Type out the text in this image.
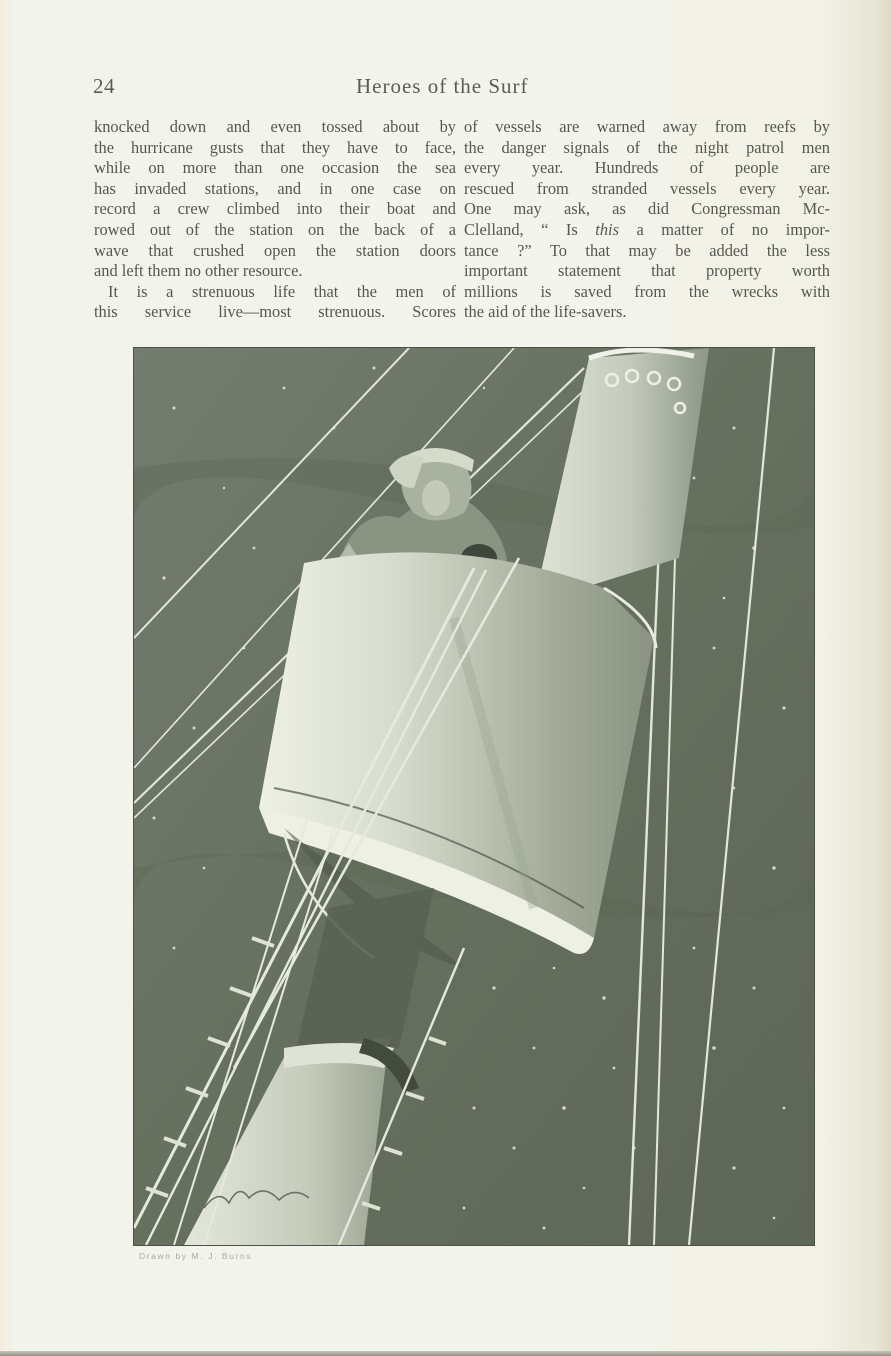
24	Heroes of the Surf
knocked down and even tossed about by
the hurricane gusts that they have to face,
while on more than one occasion the sea
has invaded stations, and in one case on
record a crew climbed into their boat and
rowed out of the station on the back of a
wave that crushed open the station doors
and left them no other resource.
It is a strenuous life that the men of
this service live—most strenuous. Scores
of vessels are warned away from reefs by
the danger signals of the night patrol men
every year. Hundreds of people are
rescued from stranded vessels every year.
One may ask, as did Congressman Mc-
Clelland, “ Is this a matter of no impor-
tance ?” To that may be added the less
important statement that property worth
millions is saved from the wrecks with
the aid of the life-savers.
Drawn by M. J. Burns
